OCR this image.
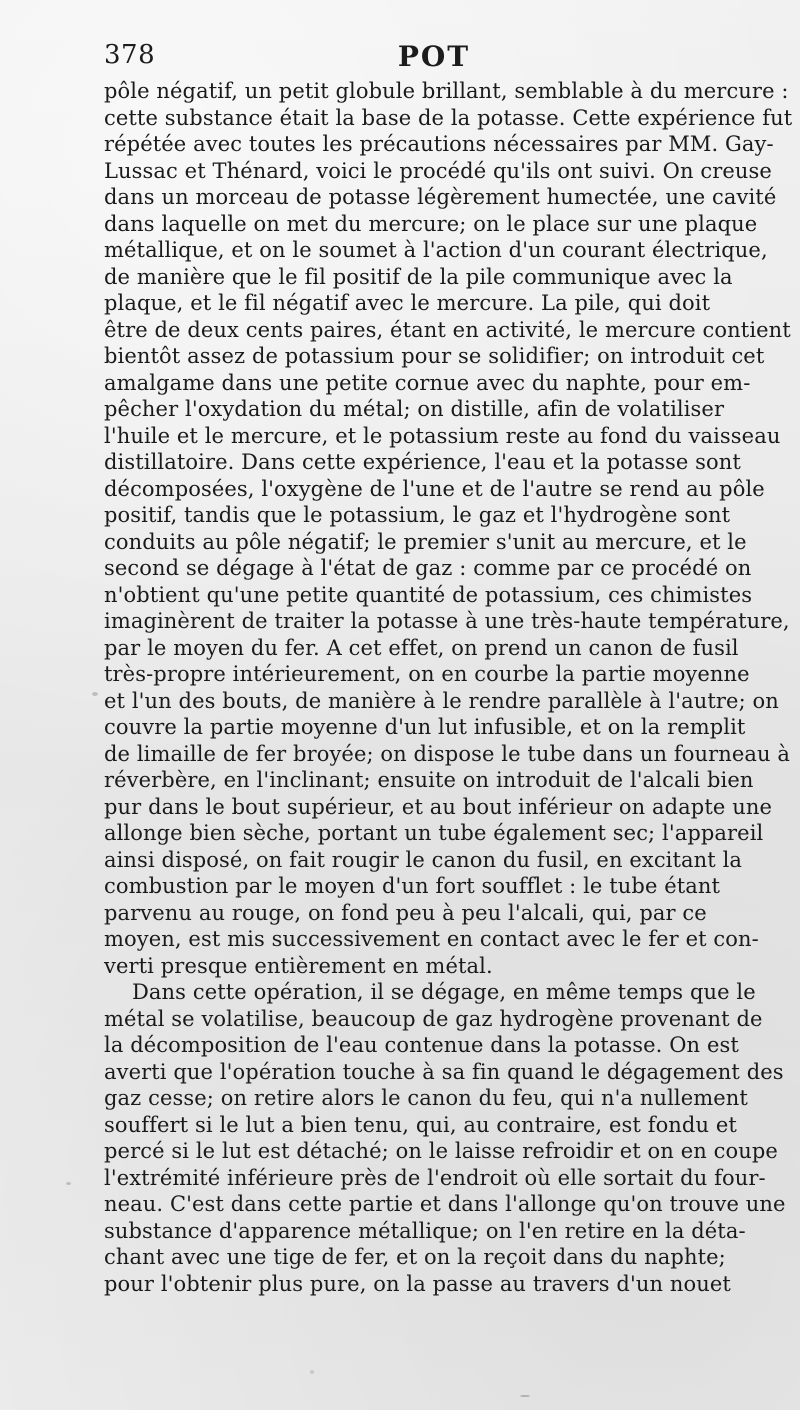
378	POT
pôle négatif, un petit globule brillant, semblable à du mercure :
cette substance était la base de la potasse. Cette expérience fut
répétée avec toutes les précautions nécessaires par MM. Gay-
Lussac et Thénard, voici le procédé qu'ils ont suivi. On creuse
dans un morceau de potasse légèrement humectée, une cavité
dans laquelle on met du mercure; on le place sur une plaque
métallique, et on le soumet à l'action d'un courant électrique,
de manière que le fil positif de la pile communique avec la
plaque, et le fil négatif avec le mercure. La pile, qui doit
être de deux cents paires, étant en activité, le mercure contient
bientôt assez de potassium pour se solidifier; on introduit cet
amalgame dans une petite cornue avec du naphte, pour em-
pêcher l'oxydation du métal; on distille, afin de volatiliser
l'huile et le mercure, et le potassium reste au fond du vaisseau
distillatoire. Dans cette expérience, l'eau et la potasse sont
décomposées, l'oxygène de l'une et de l'autre se rend au pôle
positif, tandis que le potassium, le gaz et l'hydrogène sont
conduits au pôle négatif; le premier s'unit au mercure, et le
second se dégage à l'état de gaz : comme par ce procédé on
n'obtient qu'une petite quantité de potassium, ces chimistes
imaginèrent de traiter la potasse à une très-haute température,
par le moyen du fer. A cet effet, on prend un canon de fusil
très-propre intérieurement, on en courbe la partie moyenne
et l'un des bouts, de manière à le rendre parallèle à l'autre; on
couvre la partie moyenne d'un lut infusible, et on la remplit
de limaille de fer broyée; on dispose le tube dans un fourneau à
réverbère, en l'inclinant; ensuite on introduit de l'alcali bien
pur dans le bout supérieur, et au bout inférieur on adapte une
allonge bien sèche, portant un tube également sec; l'appareil
ainsi disposé, on fait rougir le canon du fusil, en excitant la
combustion par le moyen d'un fort soufflet : le tube étant
parvenu au rouge, on fond peu à peu l'alcali, qui, par ce
moyen, est mis successivement en contact avec le fer et con-
verti presque entièrement en métal.
Dans cette opération, il se dégage, en même temps que le
métal se volatilise, beaucoup de gaz hydrogène provenant de
la décomposition de l'eau contenue dans la potasse. On est
averti que l'opération touche à sa fin quand le dégagement des
gaz cesse; on retire alors le canon du feu, qui n'a nullement
souffert si le lut a bien tenu, qui, au contraire, est fondu et
percé si le lut est détaché; on le laisse refroidir et on en coupe
l'extrémité inférieure près de l'endroit où elle sortait du four-
neau. C'est dans cette partie et dans l'allonge qu'on trouve une
substance d'apparence métallique; on l'en retire en la déta-
chant avec une tige de fer, et on la reçoit dans du naphte;
pour l'obtenir plus pure, on la passe au travers d'un nouet
